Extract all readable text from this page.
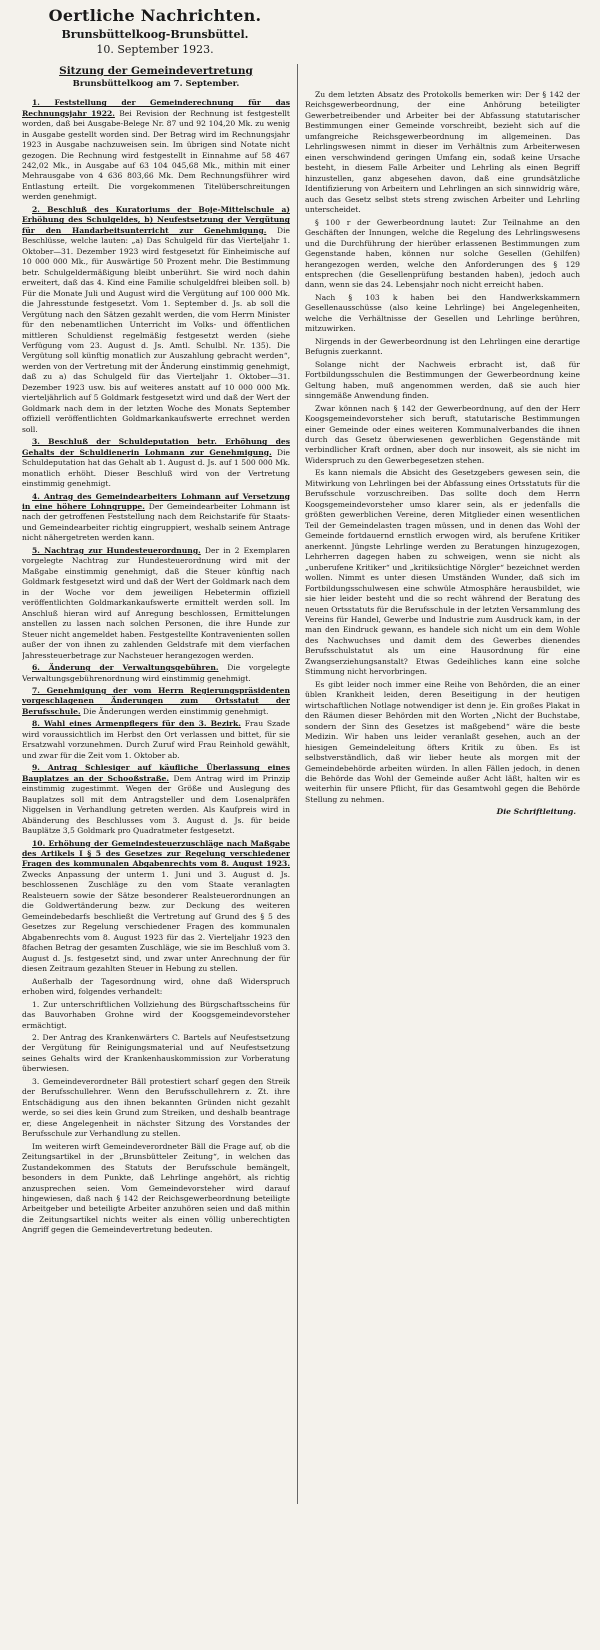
Oertliche Nachrichten.
Brunsbüttelkoog-Brunsbüttel.
10. September 1923.
Sitzung der Gemeindevertretung
Brunsbüttelkoog am 7. September.

1. Feststellung der Gemeinderechnung für das Rechnungsjahr 1922. Bei Revision der Rechnung ist festgestellt worden, daß bei Ausgabe-Belege Nr. 87 und 92 104,20 Mk. zu wenig in Ausgabe gestellt worden sind. Der Betrag wird im Rechnungsjahr 1923 in Ausgabe nachzuweisen sein. Im übrigen sind Notate nicht gezogen. Die Rechnung wird festgestellt in Einnahme auf 58 467 242,02 Mk., in Ausgabe auf 63 104 045,68 Mk., mithin mit einer Mehrausgabe von 4 636 803,66 Mk. Dem Rechnungsführer wird Entlastung erteilt. Die vorgekommenen Titelüberschreitungen werden genehmigt.

2. Beschluß des Kuratoriums der Boje-Mittelschule a) Erhöhung des Schulgeldes, b) Neufestsetzung der Vergütung für den Handarbeitsunterricht zur Genehmigung. Die Beschlüsse, welche lauten: „a) Das Schulgeld für das Vierteljahr 1. Oktober—31. Dezember 1923 wird festgesetzt für Einheimische auf 10 000 000 Mk., für Auswärtige 50 Prozent mehr. Die Bestimmung betr. Schulgeldermäßigung bleibt unberührt. Sie wird noch dahin erweitert, daß das 4. Kind eine Familie schulgeldfrei bleiben soll. b) Für die Monate Juli und August wird die Vergütung auf 100 000 Mk. die Jahresstunde festgesetzt. Vom 1. September d. Js. ab soll die Vergütung nach den Sätzen gezahlt werden, die vom Herrn Minister für den nebenamtlichen Unterricht im Volks- und öffentlichen mittleren Schuldienst regelmäßig festgesetzt werden (siehe Verfügung vom 23. August d. Js. Amtl. Schulbl. Nr. 135). Die Vergütung soll künftig monatlich zur Auszahlung gebracht werden“, werden von der Vertretung mit der Änderung einstimmig genehmigt, daß zu a) das Schulgeld für das Vierteljahr 1. Oktober—31. Dezember 1923 usw. bis auf weiteres anstatt auf 10 000 000 Mk. vierteljährlich auf 5 Goldmark festgesetzt wird und daß der Wert der Goldmark nach dem in der letzten Woche des Monats September offiziell veröffentlichten Goldmarkankaufswerte errechnet werden soll.

3. Beschluß der Schuldeputation betr. Erhöhung des Gehalts der Schuldienerin Lohmann zur Genehmigung. Die Schuldeputation hat das Gehalt ab 1. August d. Js. auf 1 500 000 Mk. monatlich erhöht. Dieser Beschluß wird von der Vertretung einstimmig genehmigt.

4. Antrag des Gemeindearbeiters Lohmann auf Versetzung in eine höhere Lohngruppe. Der Gemeindearbeiter Lohmann ist nach der getroffenen Feststellung nach dem Reichstarife für Staats- und Gemeindearbeiter richtig eingruppiert, weshalb seinem Antrage nicht nähergetreten werden kann.

5. Nachtrag zur Hundesteuerordnung. Der in 2 Exemplaren vorgelegte Nachtrag zur Hundesteuerordnung wird mit der Maßgabe einstimmig genehmigt, daß die Steuer künftig nach Goldmark festgesetzt wird und daß der Wert der Goldmark nach dem in der Woche vor dem jeweiligen Hebetermin offiziell veröffentlichten Goldmarkankaufswerte ermittelt werden soll. Im Anschluß hieran wird auf Anregung beschlossen, Ermittelungen anstellen zu lassen nach solchen Personen, die ihre Hunde zur Steuer nicht angemeldet haben. Festgestellte Kontravenienten sollen außer der von ihnen zu zahlenden Geldstrafe mit dem vierfachen Jahressteuerbetrage zur Nachsteuer herangezogen werden.

6. Änderung der Verwaltungsgebühren. Die vorgelegte Verwaltungsgebührenordnung wird einstimmig genehmigt.

7. Genehmigung der vom Herrn Regierungspräsidenten vorgeschlagenen Änderungen zum Ortsstatut der Berufsschule. Die Änderungen werden einstimmig genehmigt.

8. Wahl eines Armenpflegers für den 3. Bezirk. Frau Szade wird voraussichtlich im Herbst den Ort verlassen und bittet, für sie Ersatzwahl vorzunehmen. Durch Zuruf wird Frau Reinhold gewählt, und zwar für die Zeit vom 1. Oktober ab.

9. Antrag Schlesiger auf käufliche Überlassung eines Bauplatzes an der Schooßstraße. Dem Antrag wird im Prinzip einstimmig zugestimmt. Wegen der Größe und Auslegung des Bauplatzes soll mit dem Antragsteller und dem Losenalpräfen Niggelsen in Verhandlung getreten werden. Als Kaufpreis wird in Abänderung des Beschlusses vom 3. August d. Js. für beide Bauplätze 3,5 Goldmark pro Quadratmeter festgesetzt.

10. Erhöhung der Gemeindesteuerzuschläge nach Maßgabe des Artikels I § 5 des Gesetzes zur Regelung verschiedener Fragen des kommunalen Abgabenrechts vom 8. August 1923. Zwecks Anpassung der unterm 1. Juni und 3. August d. Js. beschlossenen Zuschläge zu den vom Staate veranlagten Realsteuern sowie der Sätze besonderer Realsteuerordnungen an die Goldwertänderung bezw. zur Deckung des weiteren Gemeindebedarfs beschließt die Vertretung auf Grund des § 5 des Gesetzes zur Regelung verschiedener Fragen des kommunalen Abgabenrechts vom 8. August 1923 für das 2. Vierteljahr 1923 den 8fachen Betrag der gesamten Zuschläge, wie sie im Beschluß vom 3. August d. Js. festgesetzt sind, und zwar unter Anrechnung der für diesen Zeitraum gezahlten Steuer in Hebung zu stellen.

Außerhalb der Tagesordnung wird, ohne daß Widerspruch erhoben wird, folgendes verhandelt:

1. Zur unterschriftlichen Vollziehung des Bürgschaftsscheins für das Bauvorhaben Grohne wird der Koogsgemeindevorsteher ermächtigt.

2. Der Antrag des Krankenwärters C. Bartels auf Neufestsetzung der Vergütung für Reinigungsmaterial und auf Neufestsetzung seines Gehalts wird der Krankenhauskommission zur Vorberatung überwiesen.

3. Gemeindeverordneter Bäll protestiert scharf gegen den Streik der Berufsschullehrer. Wenn den Berufsschullehrern z. Zt. ihre Entschädigung aus den ihnen bekannten Gründen nicht gezahlt werde, so sei dies kein Grund zum Streiken, und deshalb beantrage er, diese Angelegenheit in nächster Sitzung des Vorstandes der Berufsschule zur Verhandlung zu stellen.

Im weiteren wirft Gemeindeverordneter Bäll die Frage auf, ob die Zeitungsartikel in der „Brunsbütteler Zeitung“, in welchen das Zustandekommen des Statuts der Berufsschule bemängelt, besonders in dem Punkte, daß Lehrlinge angehört, als richtig anzusprechen seien. Vom Gemeindevorsteher wird darauf hingewiesen, daß nach § 142 der Reichsgewerbeordnung beteiligte Arbeitgeber und beteiligte Arbeiter anzuhören seien und daß mithin die Zeitungsartikel nichts weiter als einen völlig unberechtigten Angriff gegen die Gemeindevertretung bedeuten.

Zu dem letzten Absatz des Protokolls bemerken wir: Der § 142 der Reichsgewerbeordnung, der eine Anhörung beteiligter Gewerbetreibender und Arbeiter bei der Abfassung statutarischer Bestimmungen einer Gemeinde vorschreibt, bezieht sich auf die umfangreiche Reichsgewerbeordnung im allgemeinen. Das Lehrlingswesen nimmt in dieser im Verhältnis zum Arbeiterwesen einen verschwindend geringen Umfang ein, sodaß keine Ursache besteht, in diesem Falle Arbeiter und Lehrling als einen Begriff hinzustellen, ganz abgesehen davon, daß eine grundsätzliche Identifizierung von Arbeitern und Lehrlingen an sich sinnwidrig wäre, auch das Gesetz selbst stets streng zwischen Arbeiter und Lehrling unterscheidet.

§ 100 r der Gewerbeordnung lautet: Zur Teilnahme an den Geschäften der Innungen, welche die Regelung des Lehrlingswesens und die Durchführung der hierüber erlassenen Bestimmungen zum Gegenstande haben, können nur solche Gesellen (Gehilfen) herangezogen werden, welche den Anforderungen des § 129 entsprechen (die Gesellenprüfung bestanden haben), jedoch auch dann, wenn sie das 24. Lebensjahr noch nicht erreicht haben.

Nach § 103 k haben bei den Handwerkskammern Gesellenausschüsse (also keine Lehrlinge) bei Angelegenheiten, welche die Verhältnisse der Gesellen und Lehrlinge berühren, mitzuwirken.

Nirgends in der Gewerbeordnung ist den Lehrlingen eine derartige Befugnis zuerkannt.

Solange nicht der Nachweis erbracht ist, daß für Fortbildungsschulen die Bestimmungen der Gewerbeordnung keine Geltung haben, muß angenommen werden, daß sie auch hier sinngemäße Anwendung finden.

Zwar können nach § 142 der Gewerbeordnung, auf den der Herr Koogsgemeindevorsteher sich beruft, statutarische Bestimmungen einer Gemeinde oder eines weiteren Kommunalverbandes die ihnen durch das Gesetz überwiesenen gewerblichen Gegenstände mit verbindlicher Kraft ordnen, aber doch nur insoweit, als sie nicht im Widerspruch zu den Gewerbegesetzen stehen.

Es kann niemals die Absicht des Gesetzgebers gewesen sein, die Mitwirkung von Lehrlingen bei der Abfassung eines Ortsstatuts für die Berufsschule vorzuschreiben. Das sollte doch dem Herrn Koogsgemeindevorsteher umso klarer sein, als er jedenfalls die größten gewerblichen Vereine, deren Mitglieder einen wesentlichen Teil der Gemeindelasten tragen müssen, und in denen das Wohl der Gemeinde fortdauernd ernstlich erwogen wird, als berufene Kritiker anerkennt. Jüngste Lehrlinge werden zu Beratungen hinzugezogen, Lehrherren dagegen haben zu schweigen, wenn sie nicht als „unberufene Kritiker“ und „kritiksüchtige Nörgler“ bezeichnet werden wollen. Nimmt es unter diesen Umständen Wunder, daß sich im Fortbildungsschulwesen eine schwüle Atmosphäre herausbildet, wie sie hier leider besteht und die so recht während der Beratung des neuen Ortsstatuts für die Berufsschule in der letzten Versammlung des Vereins für Handel, Gewerbe und Industrie zum Ausdruck kam, in der man den Eindruck gewann, es handele sich nicht um ein dem Wohle des Nachwuchses und damit dem des Gewerbes dienendes Berufsschulstatut als um eine Hausordnung für eine Zwangserziehungsanstalt? Etwas Gedeihliches kann eine solche Stimmung nicht hervorbringen.

Es gibt leider noch immer eine Reihe von Behörden, die an einer üblen Krankheit leiden, deren Beseitigung in der heutigen wirtschaftlichen Notlage notwendiger ist denn je. Ein großes Plakat in den Räumen dieser Behörden mit den Worten „Nicht der Buchstabe, sondern der Sinn des Gesetzes ist maßgebend“ wäre die beste Medizin. Wir haben uns leider veranlaßt gesehen, auch an der hiesigen Gemeindeleitung öfters Kritik zu üben. Es ist selbstverständlich, daß wir lieber heute als morgen mit der Gemeindebehörde arbeiten würden. In allen Fällen jedoch, in denen die Behörde das Wohl der Gemeinde außer Acht läßt, halten wir es weiterhin für unsere Pflicht, für das Gesamtwohl gegen die Behörde Stellung zu nehmen.

Die Schriftleitung.
